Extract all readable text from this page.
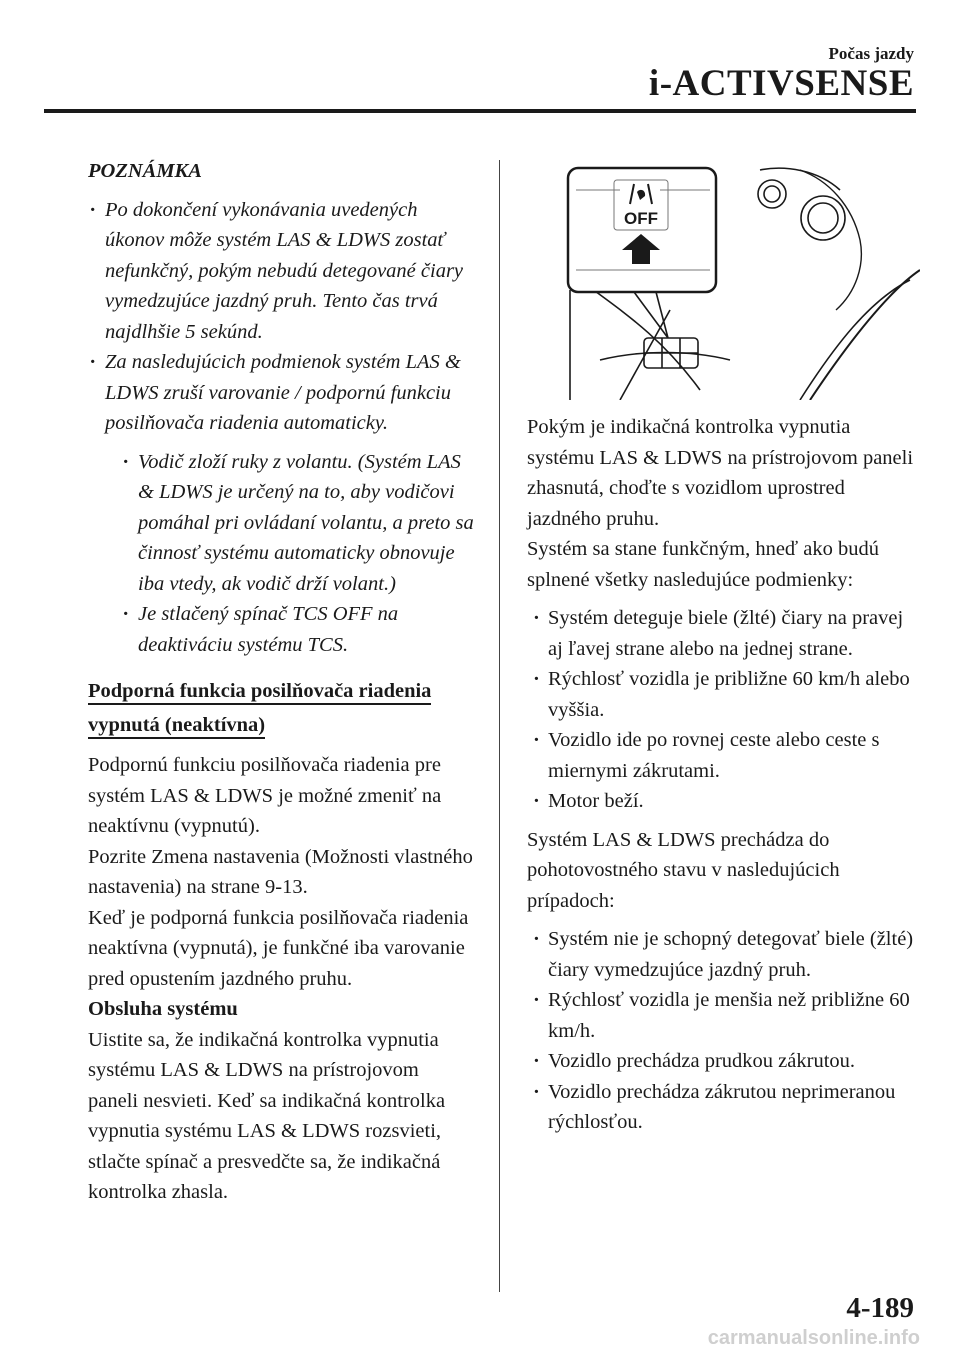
Počas jazdy
i-ACTIVSENSE
POZNÁMKA
· Po dokončení vykonávania uvedených úkonov môže systém LAS & LDWS zostať nefunkčný, pokým nebudú detegované čiary vymedzujúce jazdný pruh. Tento čas trvá najdlhšie 5 sekúnd.
· Za nasledujúcich podmienok systém LAS & LDWS zruší varovanie / podpornú funkciu posilňovača riadenia automaticky.
· Vodič zloží ruky z volantu. (Systém LAS & LDWS je určený na to, aby vodičovi pomáhal pri ovládaní volantu, a preto sa činnosť systému automaticky obnovuje iba vtedy, ak vodič drží volant.)
· Je stlačený spínač TCS OFF na deaktiváciu systému TCS.
Podporná funkcia posilňovača riadenia vypnutá (neaktívna)

Podpornú funkciu posilňovača riadenia pre systém LAS & LDWS je možné zmeniť na neaktívnu (vypnutú).

Pozrite Zmena nastavenia (Možnosti vlastného nastavenia) na strane 9-13.

Keď je podporná funkcia posilňovača riadenia neaktívna (vypnutá), je funkčné iba varovanie pred opustením jazdného pruhu.

Obsluha systému

Uistite sa, že indikačná kontrolka vypnutia systému LAS & LDWS na prístrojovom paneli nesvieti. Keď sa indikačná kontrolka vypnutia systému LAS & LDWS rozsvieti, stlačte spínač a presvedčte sa, že indikačná kontrolka zhasla.

OFF

Pokým je indikačná kontrolka vypnutia systému LAS & LDWS na prístrojovom paneli zhasnutá, choďte s vozidlom uprostred jazdného pruhu.

Systém sa stane funkčným, hneď ako budú splnené všetky nasledujúce podmienky:

· Systém deteguje biele (žlté) čiary na pravej aj ľavej strane alebo na jednej strane.
· Rýchlosť vozidla je približne 60 km/h alebo vyššia.
· Vozidlo ide po rovnej ceste alebo ceste s miernymi zákrutami.
· Motor beží.

Systém LAS & LDWS prechádza do pohotovostného stavu v nasledujúcich prípadoch:

· Systém nie je schopný detegovať biele (žlté) čiary vymedzujúce jazdný pruh.
· Rýchlosť vozidla je menšia než približne 60 km/h.
· Vozidlo prechádza prudkou zákrutou.
· Vozidlo prechádza zákrutou neprimeranou rýchlosťou.
4-189
carmanualsonline.info
